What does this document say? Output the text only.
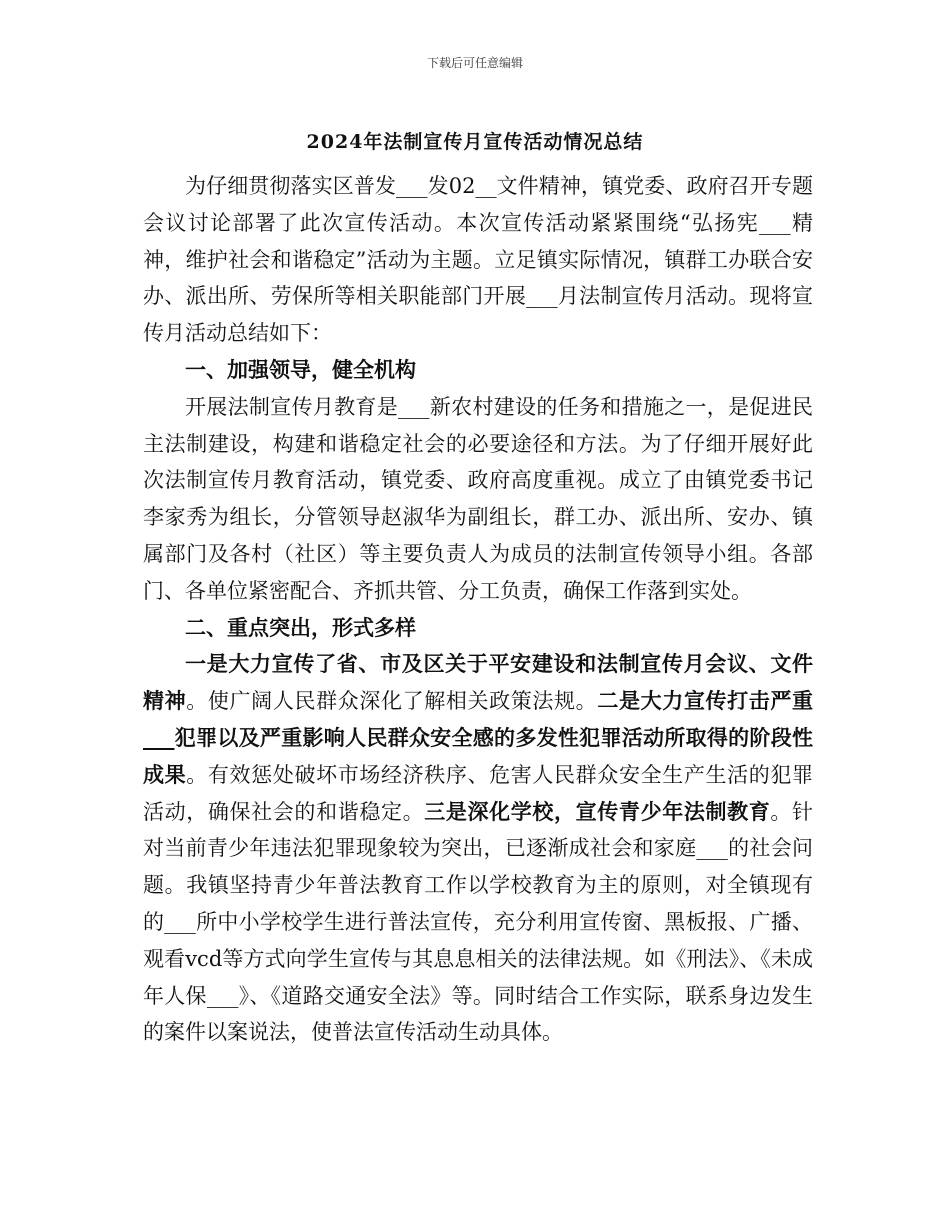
下载后可任意编辑
2024年法制宣传月宣传活动情况总结

为仔细贯彻落实区普发___发02__文件精神，镇党委、政府召开专题会议讨论部署了此次宣传活动。本次宣传活动紧紧围绕“弘扬宪___精神，维护社会和谐稳定”活动为主题。立足镇实际情况，镇群工办联合安办、派出所、劳保所等相关职能部门开展___月法制宣传月活动。现将宣传月活动总结如下：

一、加强领导，健全机构

开展法制宣传月教育是___新农村建设的任务和措施之一，是促进民主法制建设，构建和谐稳定社会的必要途径和方法。为了仔细开展好此次法制宣传月教育活动，镇党委、政府高度重视。成立了由镇党委书记李家秀为组长，分管领导赵淑华为副组长，群工办、派出所、安办、镇属部门及各村（社区）等主要负责人为成员的法制宣传领导小组。各部门、各单位紧密配合、齐抓共管、分工负责，确保工作落到实处。

二、重点突出，形式多样

一是大力宣传了省、市及区关于平安建设和法制宣传月会议、文件精神。使广阔人民群众深化了解相关政策法规。二是大力宣传打击严重___犯罪以及严重影响人民群众安全感的多发性犯罪活动所取得的阶段性成果。有效惩处破坏市场经济秩序、危害人民群众安全生产生活的犯罪活动，确保社会的和谐稳定。三是深化学校，宣传青少年法制教育。针对当前青少年违法犯罪现象较为突出，已逐渐成社会和家庭___的社会问题。我镇坚持青少年普法教育工作以学校教育为主的原则，对全镇现有的___所中小学校学生进行普法宣传，充分利用宣传窗、黑板报、广播、观看vcd等方式向学生宣传与其息息相关的法律法规。如《刑法》、《未成年人保___》、《道路交通安全法》等。同时结合工作实际，联系身边发生的案件以案说法，使普法宣传活动生动具体。
